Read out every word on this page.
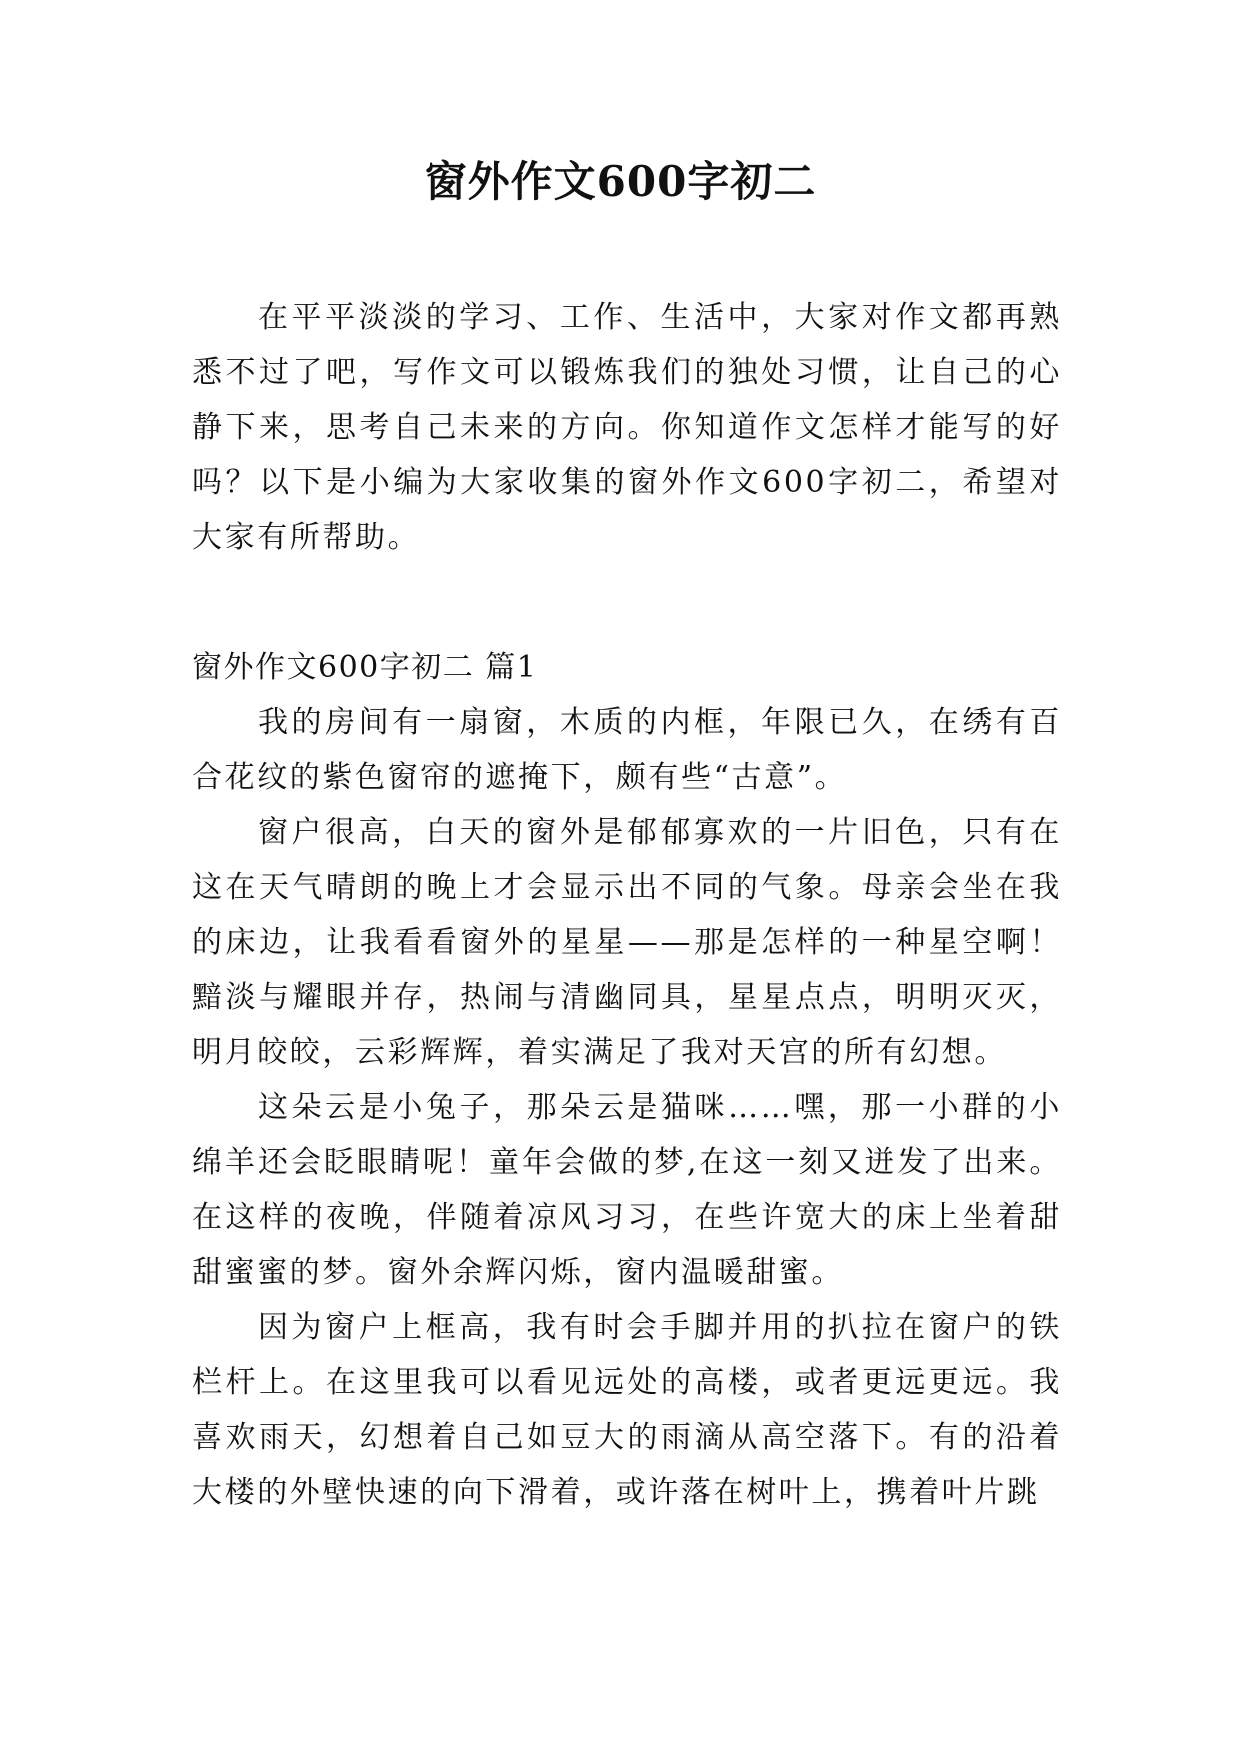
窗外作文600字初二

在平平淡淡的学习、工作、生活中，大家对作文都再熟悉不过了吧，写作文可以锻炼我们的独处习惯，让自己的心静下来，思考自己未来的方向。你知道作文怎样才能写的好吗？以下是小编为大家收集的窗外作文600字初二，希望对大家有所帮助。

窗外作文600字初二 篇1

我的房间有一扇窗，木质的内框，年限已久，在绣有百合花纹的紫色窗帘的遮掩下，颇有些“古意”。

窗户很高，白天的窗外是郁郁寡欢的一片旧色，只有在这在天气晴朗的晚上才会显示出不同的气象。母亲会坐在我的床边，让我看看窗外的星星——那是怎样的一种星空啊！黯淡与耀眼并存，热闹与清幽同具，星星点点，明明灭灭，明月皎皎，云彩辉辉，着实满足了我对天宫的所有幻想。

这朵云是小兔子，那朵云是猫咪……嘿，那一小群的小绵羊还会眨眼睛呢！童年会做的梦,在这一刻又迸发了出来。在这样的夜晚，伴随着凉风习习，在些许宽大的床上坐着甜甜蜜蜜的梦。窗外余辉闪烁，窗内温暖甜蜜。

因为窗户上框高，我有时会手脚并用的扒拉在窗户的铁栏杆上。在这里我可以看见远处的高楼，或者更远更远。我喜欢雨天，幻想着自己如豆大的雨滴从高空落下。有的沿着大楼的外壁快速的向下滑着，或许落在树叶上，携着叶片跳
